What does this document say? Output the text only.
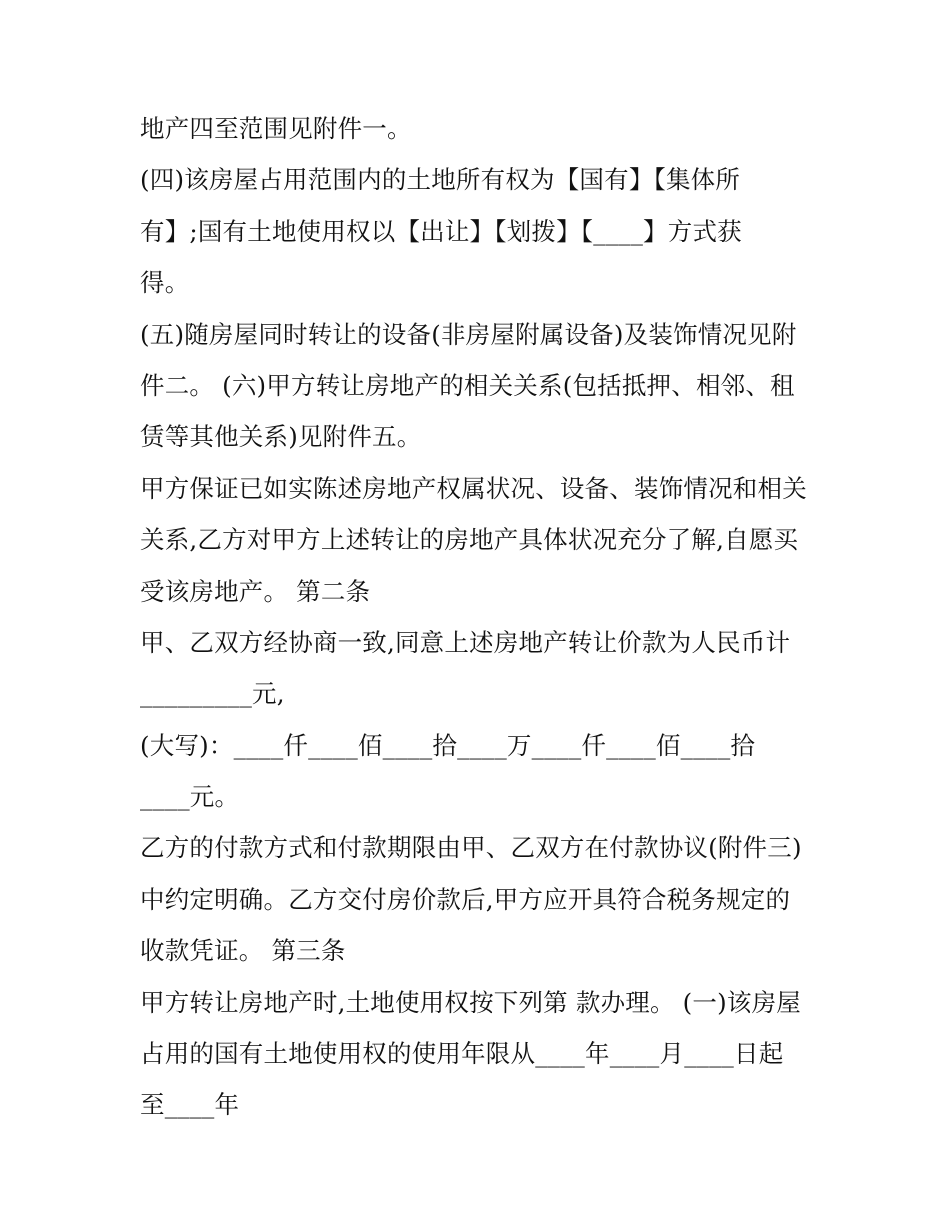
地产四至范围见附件一。
(四)该房屋占用范围内的土地所有权为【国有】【集体所
有】;国有土地使用权以【出让】【划拨】【____】方式获
得。
(五)随房屋同时转让的设备(非房屋附属设备)及装饰情况见附
件二。 (六)甲方转让房地产的相关关系(包括抵押、相邻、租
赁等其他关系)见附件五。
甲方保证已如实陈述房地产权属状况、设备、装饰情况和相关
关系,乙方对甲方上述转让的房地产具体状况充分了解,自愿买
受该房地产。 第二条
甲、乙双方经协商一致,同意上述房地产转让价款为人民币计
_________元,
(大写)：____仟____佰____拾____万____仟____佰____拾
____元。
乙方的付款方式和付款期限由甲、乙双方在付款协议(附件三)
中约定明确。乙方交付房价款后,甲方应开具符合税务规定的
收款凭证。 第三条
甲方转让房地产时,土地使用权按下列第 款办理。 (一)该房屋
占用的国有土地使用权的使用年限从____年____月____日起
至____年
